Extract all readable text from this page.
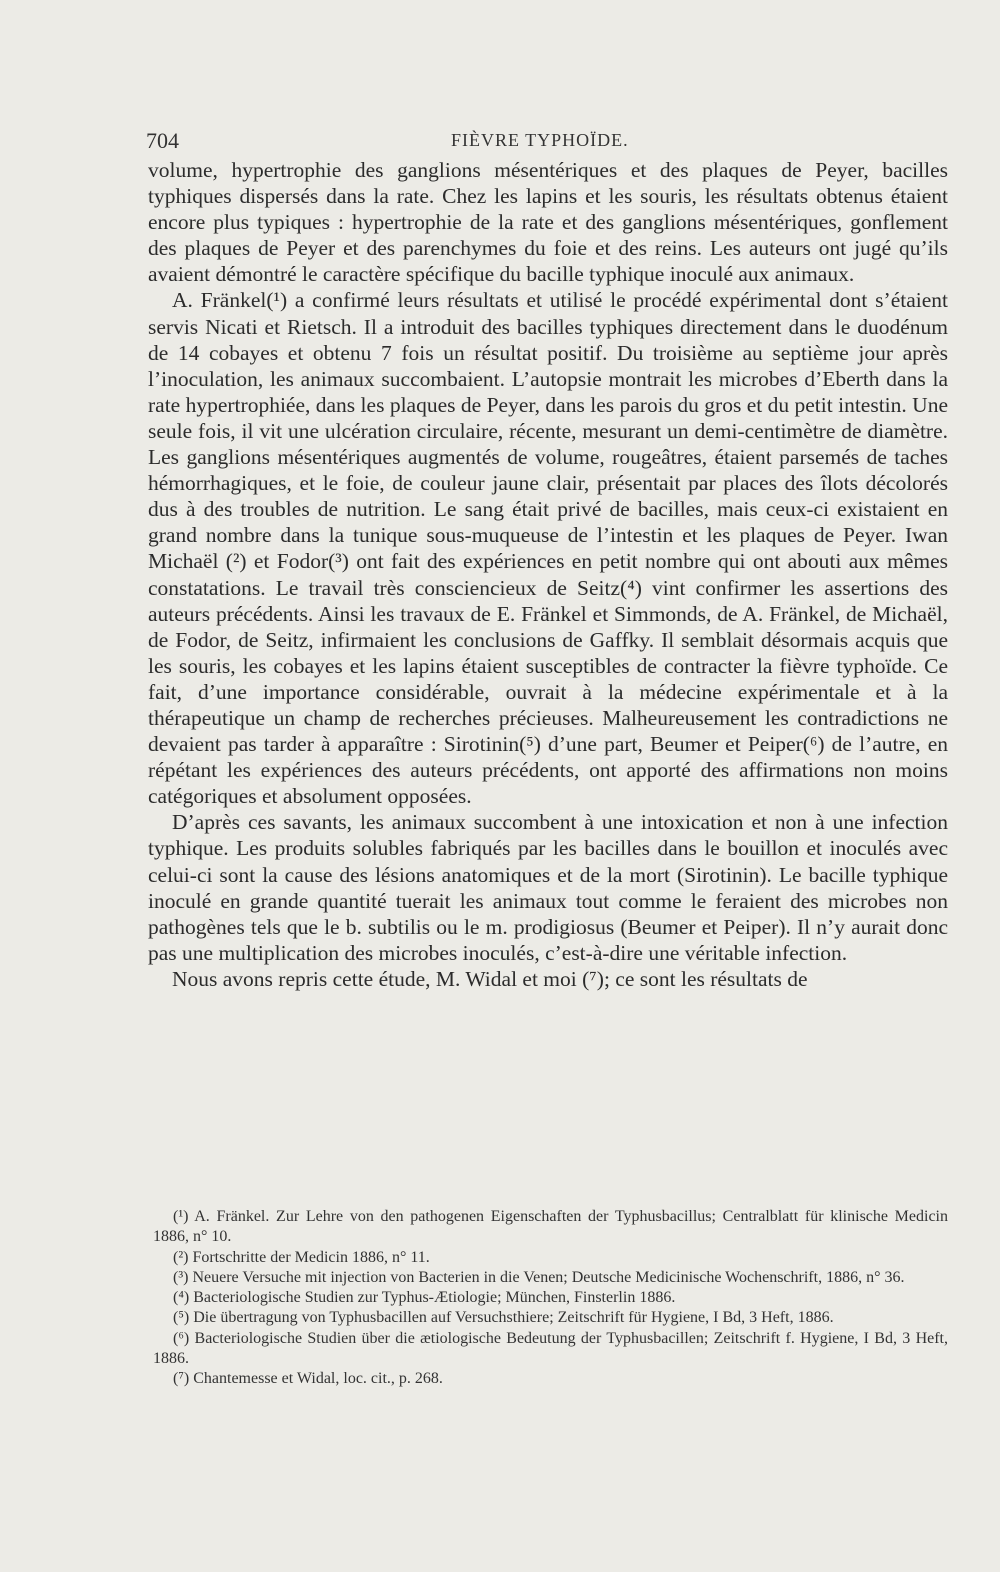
704	FIÈVRE TYPHOÏDE.

volume, hypertrophie des ganglions mésentériques et des plaques de Peyer, bacilles typhiques dispersés dans la rate. Chez les lapins et les souris, les résultats obtenus étaient encore plus typiques : hypertrophie de la rate et des ganglions mésentériques, gonflement des plaques de Peyer et des parenchymes du foie et des reins. Les auteurs ont jugé qu’ils avaient démontré le caractère spécifique du bacille typhique inoculé aux animaux.

A. Fränkel(¹) a confirmé leurs résultats et utilisé le procédé expérimental dont s’étaient servis Nicati et Rietsch. Il a introduit des bacilles typhiques directement dans le duodénum de 14 cobayes et obtenu 7 fois un résultat positif. Du troisième au septième jour après l’inoculation, les animaux succombaient. L’autopsie montrait les microbes d’Eberth dans la rate hypertrophiée, dans les plaques de Peyer, dans les parois du gros et du petit intestin. Une seule fois, il vit une ulcération circulaire, récente, mesurant un demi-centimètre de diamètre. Les ganglions mésentériques augmentés de volume, rougeâtres, étaient parsemés de taches hémorrhagiques, et le foie, de couleur jaune clair, présentait par places des îlots décolorés dus à des troubles de nutrition. Le sang était privé de bacilles, mais ceux-ci existaient en grand nombre dans la tunique sous-muqueuse de l’intestin et les plaques de Peyer. Iwan Michaël (²) et Fodor(³) ont fait des expériences en petit nombre qui ont abouti aux mêmes constatations. Le travail très consciencieux de Seitz(⁴) vint confirmer les assertions des auteurs précédents. Ainsi les travaux de E. Fränkel et Simmonds, de A. Fränkel, de Michaël, de Fodor, de Seitz, infirmaient les conclusions de Gaffky. Il semblait désormais acquis que les souris, les cobayes et les lapins étaient susceptibles de contracter la fièvre typhoïde. Ce fait, d’une importance considérable, ouvrait à la médecine expérimentale et à la thérapeutique un champ de recherches précieuses. Malheureusement les contradictions ne devaient pas tarder à apparaître : Sirotinin(⁵) d’une part, Beumer et Peiper(⁶) de l’autre, en répétant les expériences des auteurs précédents, ont apporté des affirmations non moins catégoriques et absolument opposées.

D’après ces savants, les animaux succombent à une intoxication et non à une infection typhique. Les produits solubles fabriqués par les bacilles dans le bouillon et inoculés avec celui-ci sont la cause des lésions anatomiques et de la mort (Sirotinin). Le bacille typhique inoculé en grande quantité tuerait les animaux tout comme le feraient des microbes non pathogènes tels que le b. subtilis ou le m. prodigiosus (Beumer et Peiper). Il n’y aurait donc pas une multiplication des microbes inoculés, c’est-à-dire une véritable infection.

Nous avons repris cette étude, M. Widal et moi (⁷); ce sont les résultats de

(¹) A. Fränkel. Zur Lehre von den pathogenen Eigenschaften der Typhusbacillus; Centralblatt für klinische Medicin 1886, n° 10.

(²) Fortschritte der Medicin 1886, n° 11.

(³) Neuere Versuche mit injection von Bacterien in die Venen; Deutsche Medicinische Wochenschrift, 1886, n° 36.

(⁴) Bacteriologische Studien zur Typhus-Ætiologie; München, Finsterlin 1886.

(⁵) Die übertragung von Typhusbacillen auf Versuchsthiere; Zeitschrift für Hygiene, I Bd, 3 Heft, 1886.

(⁶) Bacteriologische Studien über die ætiologische Bedeutung der Typhusbacillen; Zeitschrift f. Hygiene, I Bd, 3 Heft, 1886.

(⁷) Chantemesse et Widal, loc. cit., p. 268.
